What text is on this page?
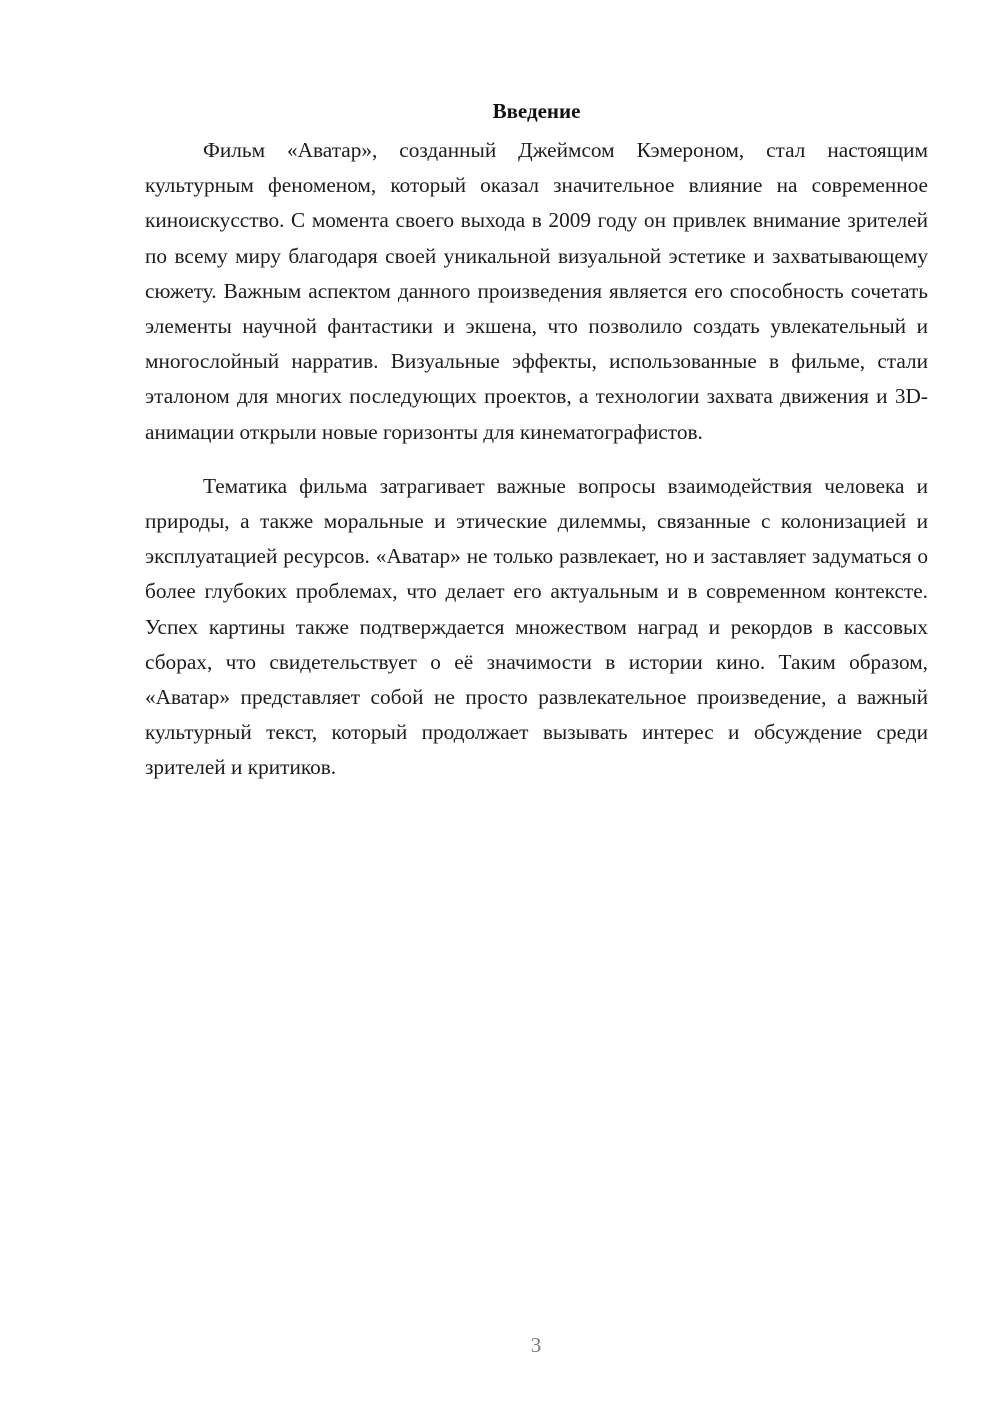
Введение

Фильм «Аватар», созданный Джеймсом Кэмероном, стал настоящим культурным феноменом, который оказал значительное влияние на современное киноискусство. С момента своего выхода в 2009 году он привлек внимание зрителей по всему миру благодаря своей уникальной визуальной эстетике и захватывающему сюжету. Важным аспектом данного произведения является его способность сочетать элементы научной фантастики и экшена, что позволило создать увлекательный и многослойный нарратив. Визуальные эффекты, использованные в фильме, стали эталоном для многих последующих проектов, а технологии захвата движения и 3D-анимации открыли новые горизонты для кинематографистов.

Тематика фильма затрагивает важные вопросы взаимодействия человека и природы, а также моральные и этические дилеммы, связанные с колонизацией и эксплуатацией ресурсов. «Аватар» не только развлекает, но и заставляет задуматься о более глубоких проблемах, что делает его актуальным и в современном контексте. Успех картины также подтверждается множеством наград и рекордов в кассовых сборах, что свидетельствует о её значимости в истории кино. Таким образом, «Аватар» представляет собой не просто развлекательное произведение, а важный культурный текст, который продолжает вызывать интерес и обсуждение среди зрителей и критиков.

3
